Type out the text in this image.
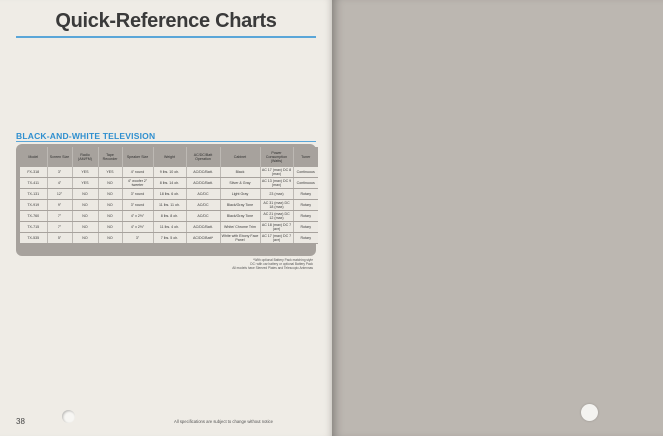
Quick-Reference Charts
BLACK-AND-WHITE TELEVISION
Model	Screen Size	Radio (AM/FM)	Tape Recorder	Speaker Size	Weight	AC/DC/Batt Operation	Cabinet	Power Consumption (Watts)	Tuner
FX-318	3"	YES	YES	4" round	9 lbs. 10 oh.	AC/DC/Batt.	Black	AC 17 (max) DC 8 (max)	Continuous
TX-411	4"	YES	NO	4" woofer 2" tweeter	8 lbs. 14 oh.	AC/DC/Batt.	Silver & Gray	AC 13 (max) DC 9 (max)	Continuous
TX-131	12"	NO	NO	3" round	18 lbs. 6 oh.	AC/DC	Light Gray	23 (max)	Rotary
TX-919	9"	NO	NO	3" round	11 lbs. 11 oh.	AC/DC	Black/Gray Tone	AC 31 (max) DC 18 (max)	Rotary
TX-760	7"	NO	NO	4" x 2½"	8 lbs. 8 oh.	AC/DC	Black/Gray Tone	AC 21 (max) DC 12 (max)	Rotary
TX-715	7"	NO	NO	4" x 2½"	11 lbs. 4 oh.	AC/DC/Batt.	White/ Chrome Trim	AC 18 (max) DC 7 (avr)	Rotary
TX-535	5"	NO	NO	3"	7 lbs. 5 oh.	AC/DC/Batt*	White with Ebony Face Panel	AC 17 (max) DC 7 (avr)	Rotary
*With optional Battery Pack matching style
DC: with car battery or optional Battery Pack
All models have Sleeved Plates and Telescopic Antennas
38	All specifications are subject to change without notice
